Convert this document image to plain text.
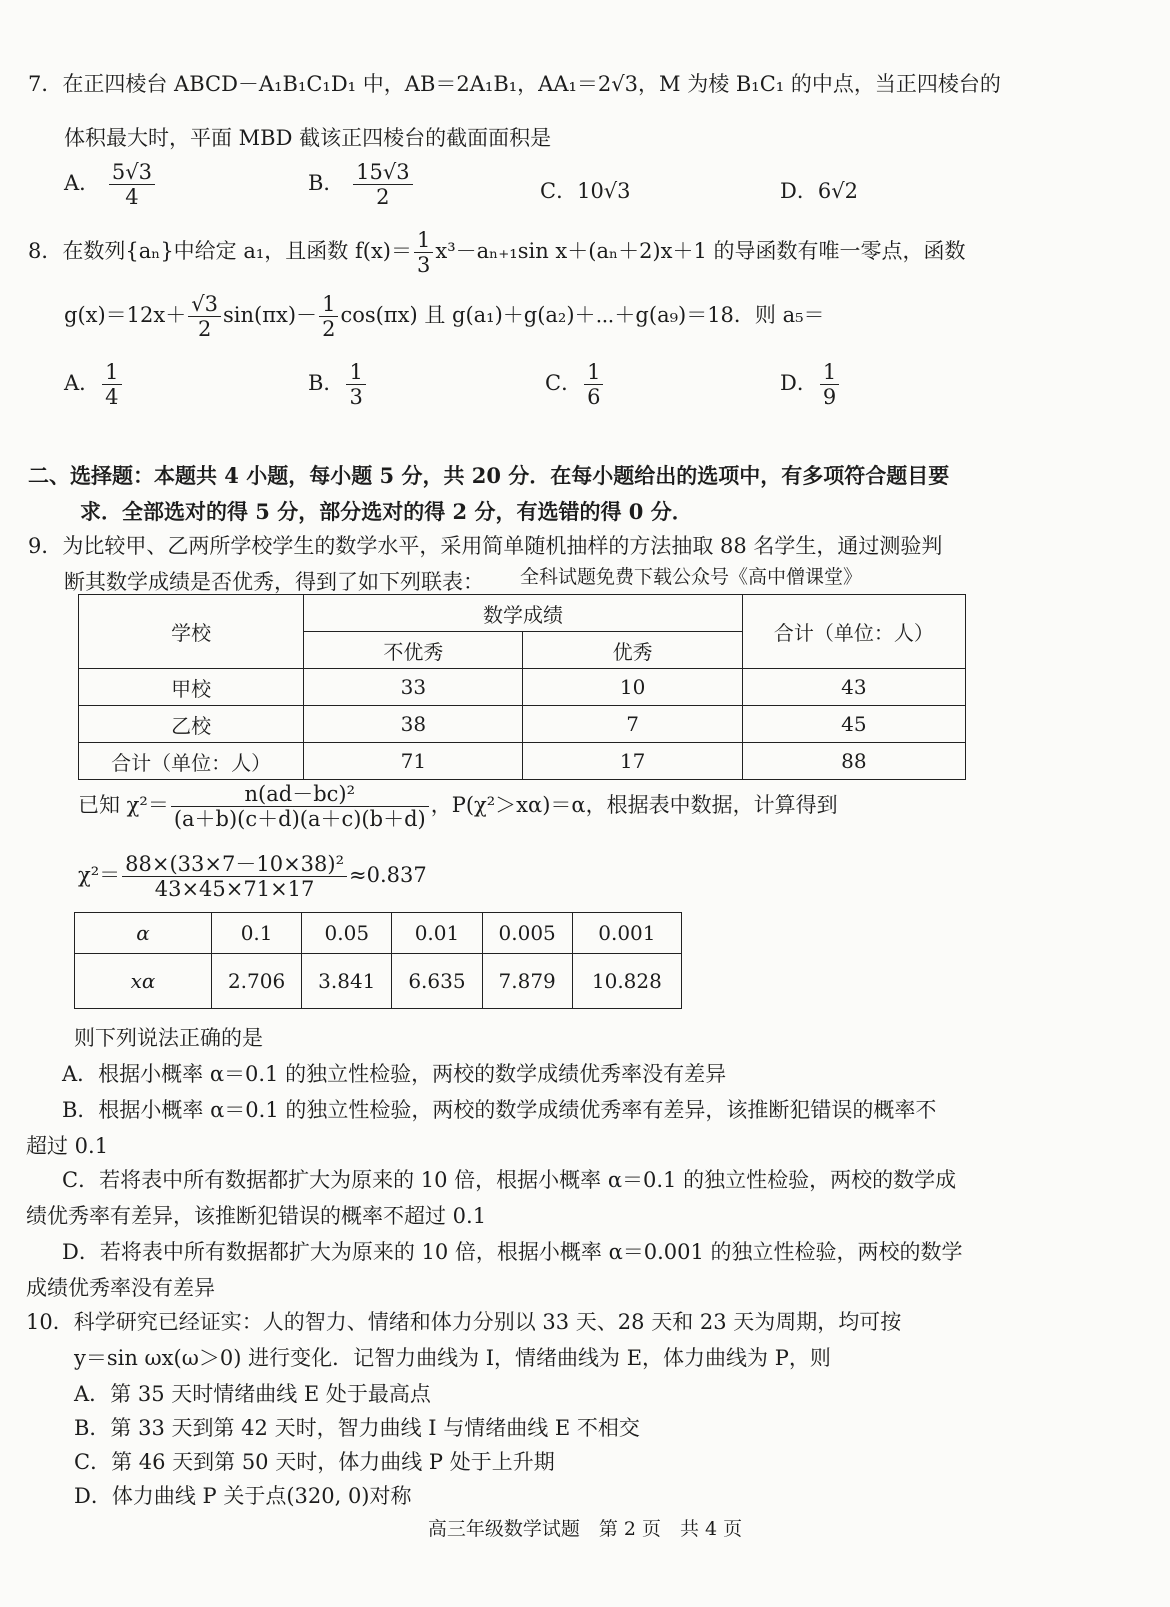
7．在正四棱台 ABCD－A₁B₁C₁D₁ 中，AB＝2A₁B₁，AA₁＝2√3，M 为棱 B₁C₁ 的中点，当正四棱台的
体积最大时，平面 MBD 截该正四棱台的截面面积是
A． $\frac{5√3}{4}$	B． $\frac{15√3}{2}$	C．10√3	D．6√2
8．在数列{aₙ}中给定 a₁，且函数 $f(x)= \frac{1}{3} x^3-a_{n+1}\sin$ x＋(aₙ＋2)x＋1 的导函数有唯一零点，函数
$g(x)=12x+ \frac{√3}{2} \sin(\pi x)- \frac{1}{2} \cos(\pi x)$ 且 g(a₁)＋g(a₂)＋⋯＋g(a₉)＝18．则 a₅＝
A． $\frac{1}{4}$	B． $\frac{1}{3}$	C． $\frac{1}{6}$	D． $\frac{1}{9}$
二、选择题：本题共 4 小题，每小题 5 分，共 20 分．在每小题给出的选项中，有多项符合题目要
求．全部选对的得 5 分，部分选对的得 2 分，有选错的得 0 分．
9．为比较甲、乙两所学校学生的数学水平，采用简单随机抽样的方法抽取 88 名学生，通过测验判
断其数学成绩是否优秀，得到了如下列联表： 全科试题免费下载公众号《高中僧课堂》
学校	数学成绩		合计（单位：人）
	不优秀	优秀	
甲校	33	10	43
乙校	38	7	45
合计（单位：人）	71	17	88
已知 $\chi^2= \frac{\text{n(ad－bc)²}}{(a+b)(c+d)(a+c)(b+d)}$ ，P(χ²＞xα)＝α，根据表中数据，计算得到
$\chi^2= \frac{\text{88×(33×7－10×38)²}}{43\times 45\times 71\times 17} \approx 0.837$
α	0.1	0.05	0.01	0.005	0.001
xα	2.706	3.841	6.635	7.879	10.828
则下列说法正确的是
A．根据小概率 α＝0.1 的独立性检验，两校的数学成绩优秀率没有差异
B．根据小概率 α＝0.1 的独立性检验，两校的数学成绩优秀率有差异，该推断犯错误的概率不
超过 0.1
C．若将表中所有数据都扩大为原来的 10 倍，根据小概率 α＝0.1 的独立性检验，两校的数学成
绩优秀率有差异，该推断犯错误的概率不超过 0.1
D．若将表中所有数据都扩大为原来的 10 倍，根据小概率 α＝0.001 的独立性检验，两校的数学
成绩优秀率没有差异
10．科学研究已经证实：人的智力、情绪和体力分别以 33 天、28 天和 23 天为周期，均可按
y＝sin ωx(ω＞0) 进行变化．记智力曲线为 I，情绪曲线为 E，体力曲线为 P，则
A．第 35 天时情绪曲线 E 处于最高点
B．第 33 天到第 42 天时，智力曲线 I 与情绪曲线 E 不相交
C．第 46 天到第 50 天时，体力曲线 P 处于上升期
D．体力曲线 P 关于点(320, 0)对称
高三年级数学试题　第 2 页　共 4 页
